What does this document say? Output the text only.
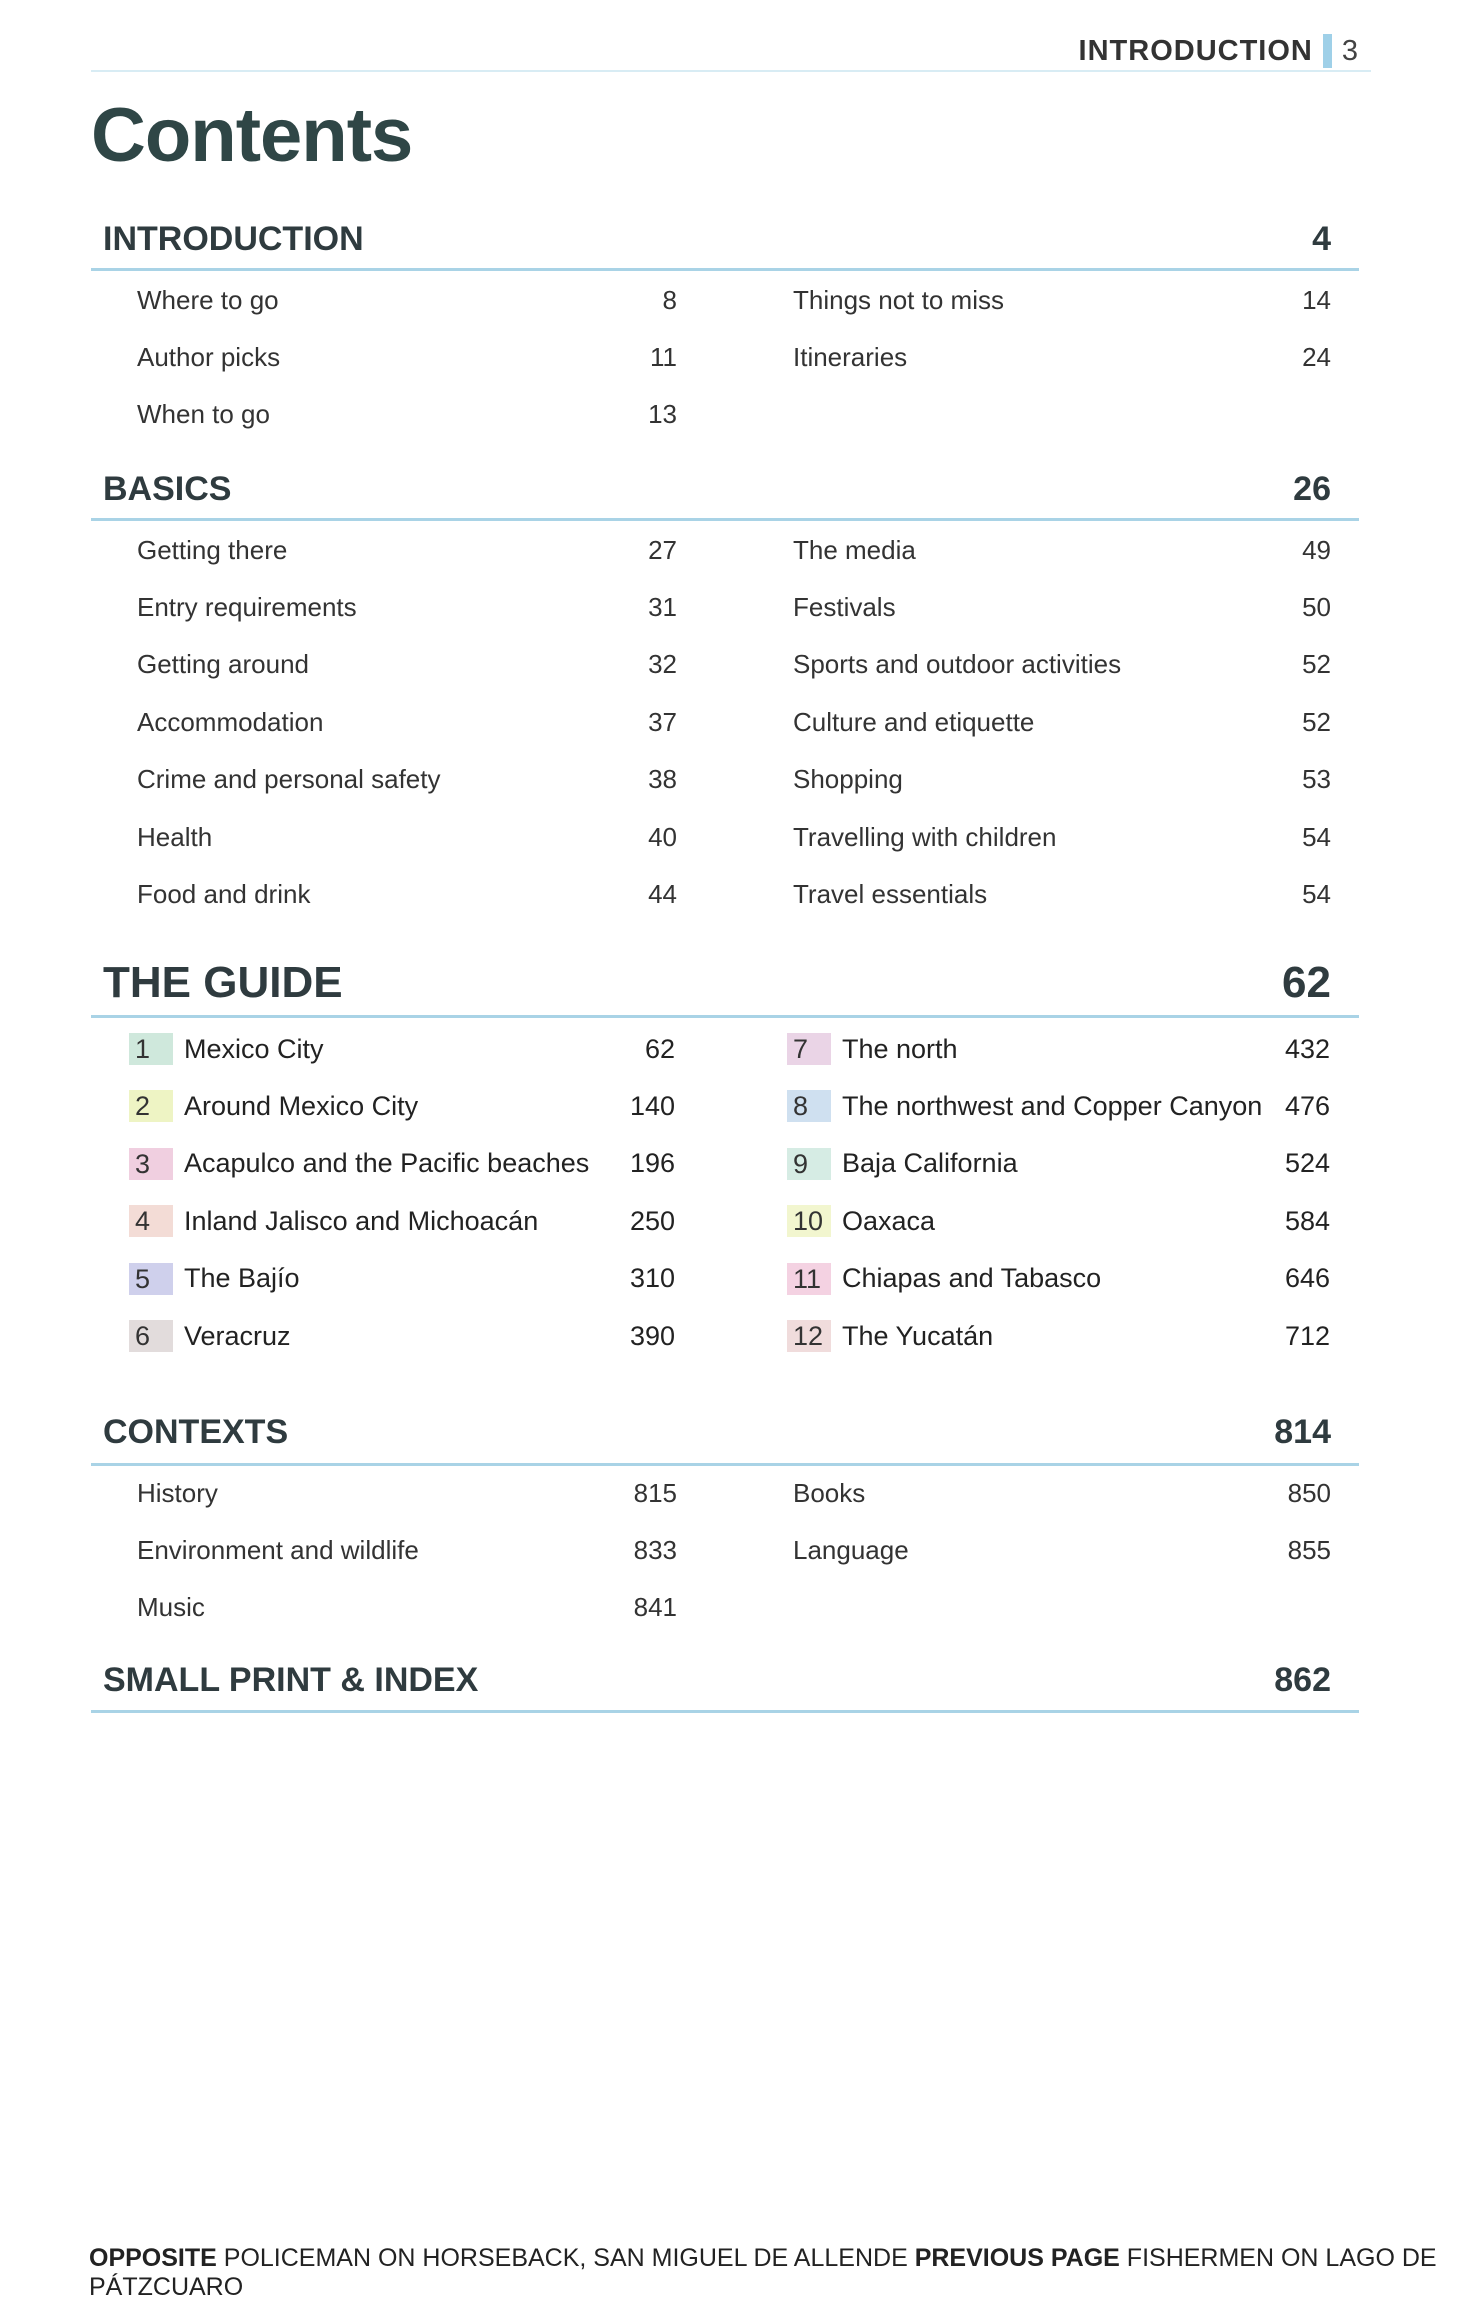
INTRODUCTION 3
Contents
INTRODUCTION	4
Where to go	8
Author picks	11
When to go	13
Things not to miss	14
Itineraries	24
BASICS	26
Getting there	27
Entry requirements	31
Getting around	32
Accommodation	37
Crime and personal safety	38
Health	40
Food and drink	44
The media	49
Festivals	50
Sports and outdoor activities	52
Culture and etiquette	52
Shopping	53
Travelling with children	54
Travel essentials	54
THE GUIDE	62
1	Mexico City	62
2	Around Mexico City	140
3	Acapulco and the Pacific beaches 196
4	Inland Jalisco and Michoacán	250
5	The Bajío	310
6	Veracruz	390
7	The north	432
8	The northwest and Copper Canyon 476
9	Baja California	524
10 Oaxaca	584
11 Chiapas and Tabasco	646
12 The Yucatán	712
CONTEXTS	814
History	815
Environment and wildlife	833
Music	841
Books	850
Language	855
SMALL PRINT & INDEX	862
OPPOSITE POLICEMAN ON HORSEBACK, SAN MIGUEL DE ALLENDE PREVIOUS PAGE FISHERMEN ON LAGO DE PÁTZCUARO
